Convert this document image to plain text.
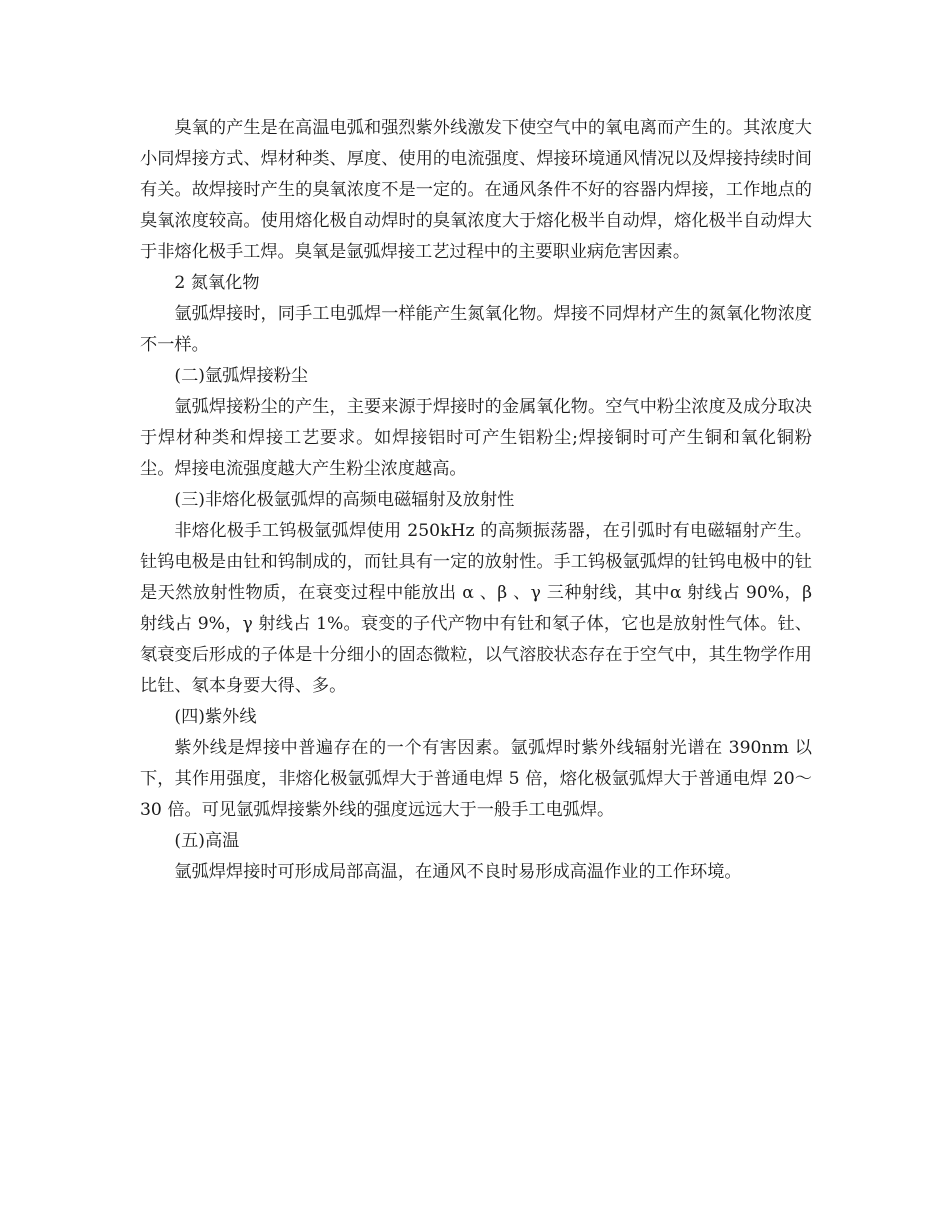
臭氧的产生是在高温电弧和强烈紫外线激发下使空气中的氧电离而产生的。其浓度大小同焊接方式、焊材种类、厚度、使用的电流强度、焊接环境通风情况以及焊接持续时间有关。故焊接时产生的臭氧浓度不是一定的。在通风条件不好的容器内焊接，工作地点的臭氧浓度较高。使用熔化极自动焊时的臭氧浓度大于熔化极半自动焊，熔化极半自动焊大于非熔化极手工焊。臭氧是氩弧焊接工艺过程中的主要职业病危害因素。

2 氮氧化物

氩弧焊接时，同手工电弧焊一样能产生氮氧化物。焊接不同焊材产生的氮氧化物浓度不一样。

(二)氩弧焊接粉尘

氩弧焊接粉尘的产生，主要来源于焊接时的金属氧化物。空气中粉尘浓度及成分取决于焊材种类和焊接工艺要求。如焊接铝时可产生铝粉尘;焊接铜时可产生铜和氧化铜粉尘。焊接电流强度越大产生粉尘浓度越高。

(三)非熔化极氩弧焊的高频电磁辐射及放射性

非熔化极手工钨极氩弧焊使用 250kHz 的高频振荡器，在引弧时有电磁辐射产生。钍钨电极是由钍和钨制成的，而钍具有一定的放射性。手工钨极氩弧焊的钍钨电极中的钍是天然放射性物质，在衰变过程中能放出 α 、β 、γ 三种射线，其中α 射线占 90%，β 射线占 9%，γ 射线占 1%。衰变的子代产物中有钍和氡子体，它也是放射性气体。钍、氡衰变后形成的子体是十分细小的固态微粒，以气溶胶状态存在于空气中，其生物学作用比钍、氡本身要大得、多。

(四)紫外线

紫外线是焊接中普遍存在的一个有害因素。氩弧焊时紫外线辐射光谱在 390nm 以下，其作用强度，非熔化极氩弧焊大于普通电焊 5 倍，熔化极氩弧焊大于普通电焊 20～30 倍。可见氩弧焊接紫外线的强度远远大于一般手工电弧焊。

(五)高温

氩弧焊焊接时可形成局部高温，在通风不良时易形成高温作业的工作环境。
